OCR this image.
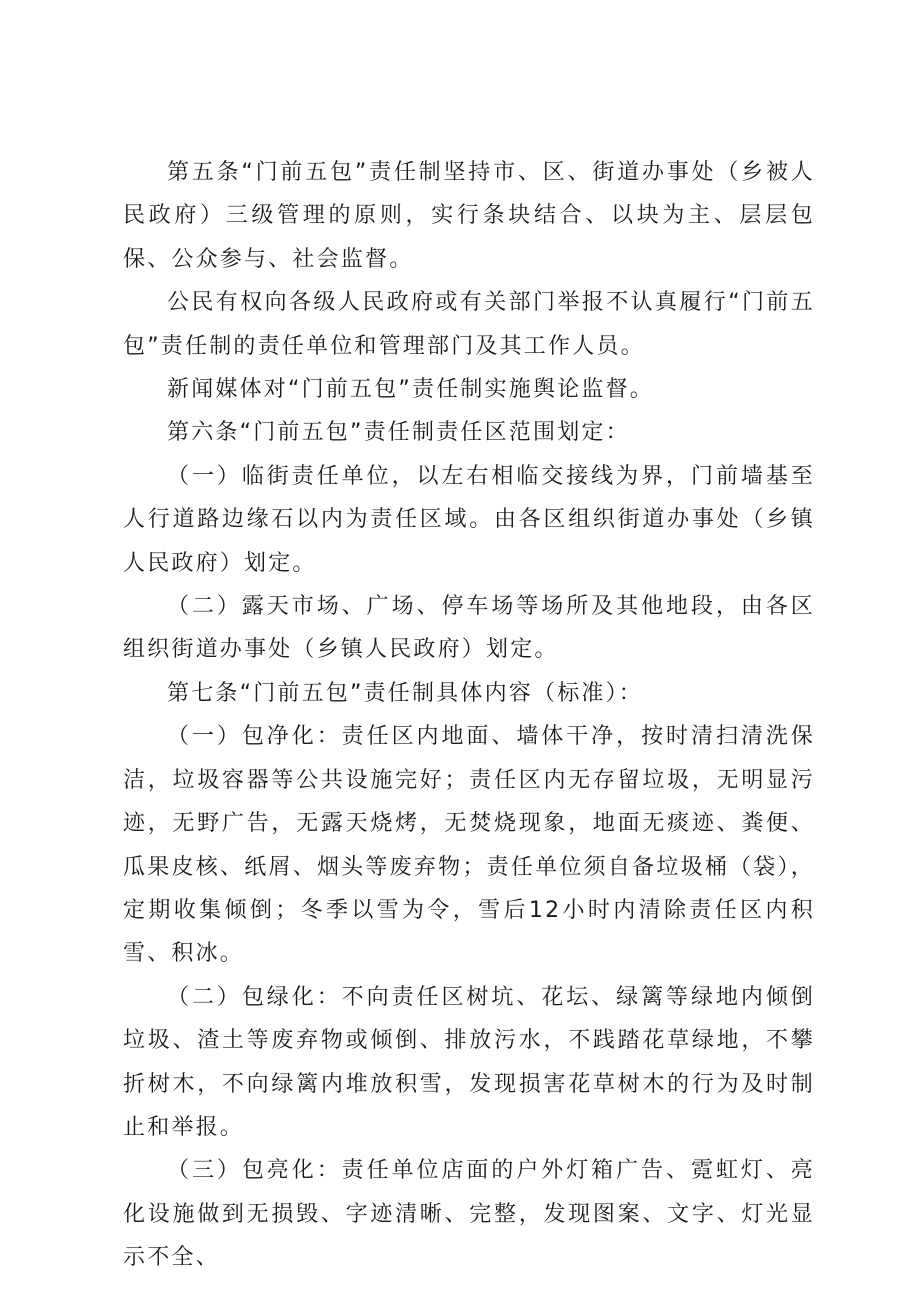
第五条“门前五包”责任制坚持市、区、街道办事处（乡被人民政府）三级管理的原则，实行条块结合、以块为主、层层包保、公众参与、社会监督。

公民有权向各级人民政府或有关部门举报不认真履行“门前五包”责任制的责任单位和管理部门及其工作人员。

新闻媒体对“门前五包”责任制实施舆论监督。

第六条“门前五包”责任制责任区范围划定：

（一）临街责任单位，以左右相临交接线为界，门前墙基至人行道路边缘石以内为责任区域。由各区组织街道办事处（乡镇人民政府）划定。

（二）露天市场、广场、停车场等场所及其他地段，由各区组织街道办事处（乡镇人民政府）划定。

第七条“门前五包”责任制具体内容（标准）：

（一）包净化：责任区内地面、墙体干净，按时清扫清洗保洁，垃圾容器等公共设施完好；责任区内无存留垃圾，无明显污迹，无野广告，无露天烧烤，无焚烧现象，地面无痰迹、粪便、瓜果皮核、纸屑、烟头等废弃物；责任单位须自备垃圾桶（袋），定期收集倾倒；冬季以雪为令，雪后12小时内清除责任区内积雪、积冰。

（二）包绿化：不向责任区树坑、花坛、绿篱等绿地内倾倒垃圾、渣土等废弃物或倾倒、排放污水，不践踏花草绿地，不攀折树木，不向绿篱内堆放积雪，发现损害花草树木的行为及时制止和举报。

（三）包亮化：责任单位店面的户外灯箱广告、霓虹灯、亮化设施做到无损毁、字迹清晰、完整，发现图案、文字、灯光显示不全、
